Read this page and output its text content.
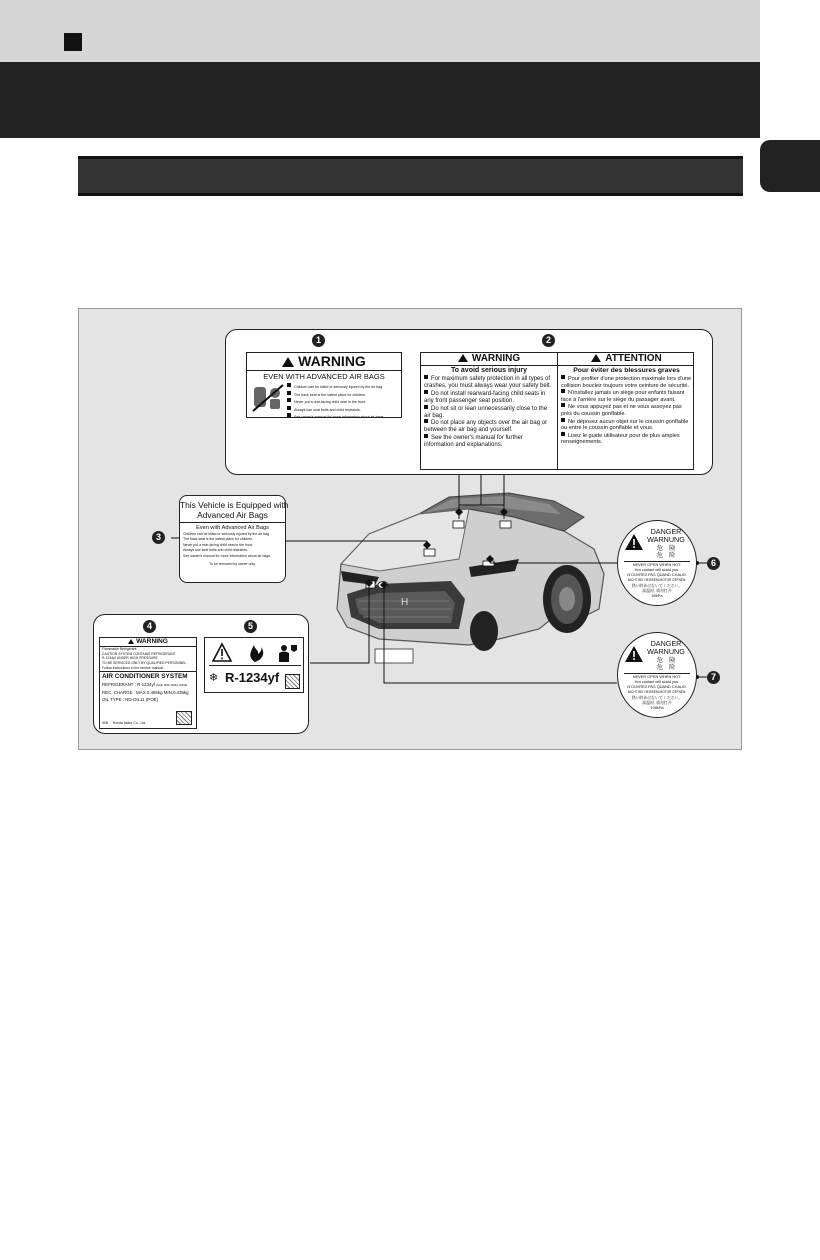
H
1	2
WARNING
EVEN WITH ADVANCED AIR BAGS
Children can be killed or seriously injured by the air bag.
The back seat is the safest place for children.
Never put a rear-facing child seat in the front.
Always use seat belts and child restraints.
See owner's manual for more information about air bags.
WARNING
To avoid serious injury
For maximum safety protection in all types of crashes, you must always wear your safety belt.
Do not install rearward-facing child seats in any front passenger seat position.
Do not sit or lean unnecessarily close to the air bag.
Do not place any objects over the air bag or between the air bag and yourself.
See the owner's manual for further information and explanations.
ATTENTION
Pour éviter des blessures graves
Pour profiter d'une protection maximale lors d'une collision bouclez toujours votre ceinture de sécurité.
N'installez jamais un siège pour enfants faisant face à l'arrière sur le siège du passager avant.
Ne vous appuyez pas et ne vous assoyez pas près du coussin gonflable.
Ne déposez aucun objet sur le coussin gonflable ou entre le coussin gonflable et vous.
Lisez le guide utilisateur pour de plus amples renseignements.
3
This Vehicle is Equipped with
Advanced Air Bags
Even with Advanced Air Bags
Children can be killed or seriously injured by the air bag.
The back seat is the safest place for children.
Never put a rear-facing child seat in the front.
Always use seat belts and child restraints.
See owner's manual for more information about air bags.
To be removed by owner only.
4	5
WARNING
Flammable Refrigerant
CAUTION SYSTEM CONTAINS REFRIGERANT
R-1234yf UNDER HIGH PRESSURE
TO BE SERVICED ONLY BY QUALIFIED PERSONNEL.
Follow instructions in the service manual.
AIR CONDITIONER SYSTEM
REFRIGERANT : R-1234yf (SAE J639 J2842 J2843)
REC. CHARGE : MAX.0.485kg MIN.0.435kg
OIL TYPE : ND-OIL11 (POE)
50B Honda Motor Co., Ltd.
❄ R-1234yf
DANGER
WARNUNG
危　険
危　险
NEVER OPEN WHEN HOT.
Hot coolant will scald you.
N'OUVREZ PAS QUAND CHAUD.
NICHT BEI HEISSEM MOTOR ÖFFNEN.
熱い時あけないでください。
高温时, 请勿打开
49kPa
6
DANGER
WARNUNG
危　険
危　险
NEVER OPEN WHEN HOT.
Hot coolant will scald you.
N'OUVREZ PAS QUAND CHAUD.
NICHT BEI HEISSEM MOTOR ÖFFNEN.
熱い時あけないでください。
高温时, 请勿打开
108kPa
7
